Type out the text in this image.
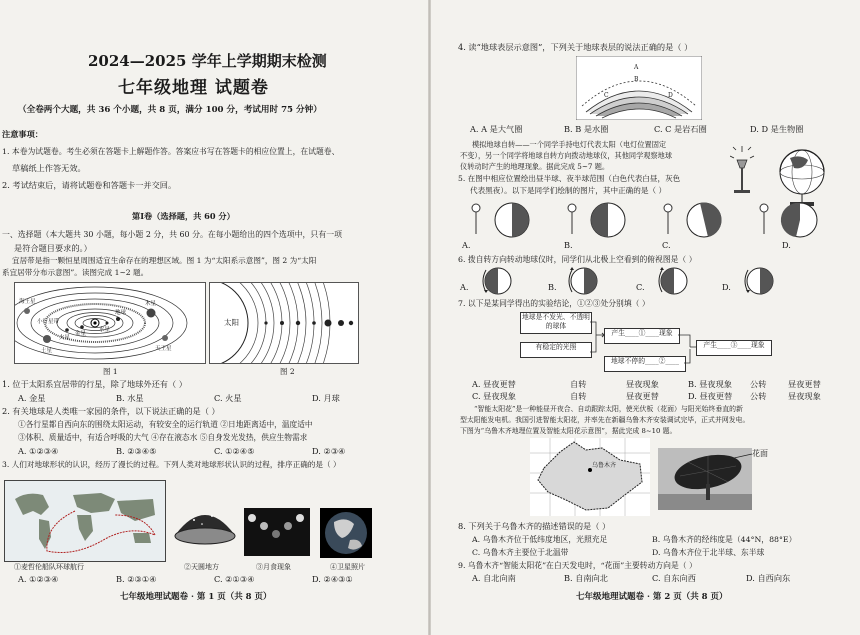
2024—2025 学年上学期期末检测
七年级地理 试题卷
（全卷两个大题，共 36 个小题，共 8 页，满分 100 分，考试用时 75 分钟）
注意事项：
1. 本卷为试题卷。考生必须在答题卡上解题作答。答案应书写在答题卡的相应位置上，在试题卷、
草稿纸上作答无效。
2. 考试结束后，请将试题卷和答题卡一并交回。
第Ⅰ卷（选择题，共 60 分）
一、选择题（本大题共 30 小题，每小题 2 分，共 60 分。在每小题给出的四个选项中，只有一项
是符合题目要求的。）
宜居带是指一颗恒星周围适宜生命存在的理想区域。图 1 为“太阳系示意图”，图 2 为“太阳
系宜居带分布示意图”。读图完成 1~2 题。
水星
金星
地球
火星
木星
土星	天王星
海王星
小行星带
图 1
太阳
图 2
1. 位于太阳系宜居带的行星，除了地球外还有（ ）
A. 金星	B. 水星	C. 火星	D. 月球
2. 有关地球是人类唯一家园的条件，以下说法正确的是（ ）
①各行星都自西向东的围绕太阳运动，有较安全的运行轨道 ②日地距离适中，温度适中
③体积、质量适中，有适合呼吸的大气 ④存在液态水 ⑤自身发光发热，供应生物需求
A. ①②③④	B. ②③④⑤	C. ①②④⑤	D. ②③④
3. 人们对地球形状的认识，经历了漫长的过程。下列人类对地球形状认识的过程，排序正确的是（ ）
①麦哲伦船队环球航行	②天圆地方	③月食现象	④卫星照片
A. ①②③④	B. ②③①④	C. ②①③④	D. ②④③①
七年级地理试题卷 · 第 1 页（共 8 页）
4. 读“地球表层示意图”，下列关于地球表层的说法正确的是（ ）
A
B
C	D
A. A 是大气圈	B. B 是水圈	C. C 是岩石圈	D. D 是生物圈
模拟地球自转——一个同学手持电灯代表太阳（电灯位置固定
不变），另一个同学将地球自转方向拨动地球仪，其他同学观察地球
仪转动时产生的地理现象。据此完成 5~7 题。
5. 在图中相应位置绘出昼半球、夜半球范围（白色代表白昼，灰色
代表黑夜）。以下是同学们绘制的图片，其中正确的是（ ）
A.	B.	C.	D.
6. 拨自转方向转动地球仪时，同学们从北极上空看到的俯视图是（ ）
A.	B.	C.	D.
7. 以下是某同学得出的实验结论，①②③处分别填（ ）
地球是不发光、不透明的球体
有稳定的光照
产生____①____现象
地球不停的____②____
产生____③____现象
A. 昼夜更替	自转	昼夜现象	B. 昼夜现象 公转	昼夜更替
C. 昼夜现象	自转	昼夜更替	D. 昼夜更替 公转	昼夜现象
“智能太阳花”是一种能昼开夜合、自动跟踪太阳，使光伏板（花面）与阳光始终垂直的新
型太阳能发电机。我国引进智能太阳花，并率先在新疆乌鲁木齐安装调试完毕，正式并网发电。
下图为“乌鲁木齐地理位置及智能太阳花示意图”，据此完成 8~10 题。
乌鲁木齐
花面
8. 下列关于乌鲁木齐的描述错误的是（ ）
A. 乌鲁木齐位于低纬度地区，光照充足	B. 乌鲁木齐的经纬度是（44°N，88°E）
C. 乌鲁木齐主要位于北温带	D. 乌鲁木齐位于北半球、东半球
9. 乌鲁木齐“智能太阳花”在白天发电时，“花面”主要转动方向是（ ）
A. 自北向南	B. 自南向北	C. 自东向西	D. 自西向东
七年级地理试题卷 · 第 2 页（共 8 页）
